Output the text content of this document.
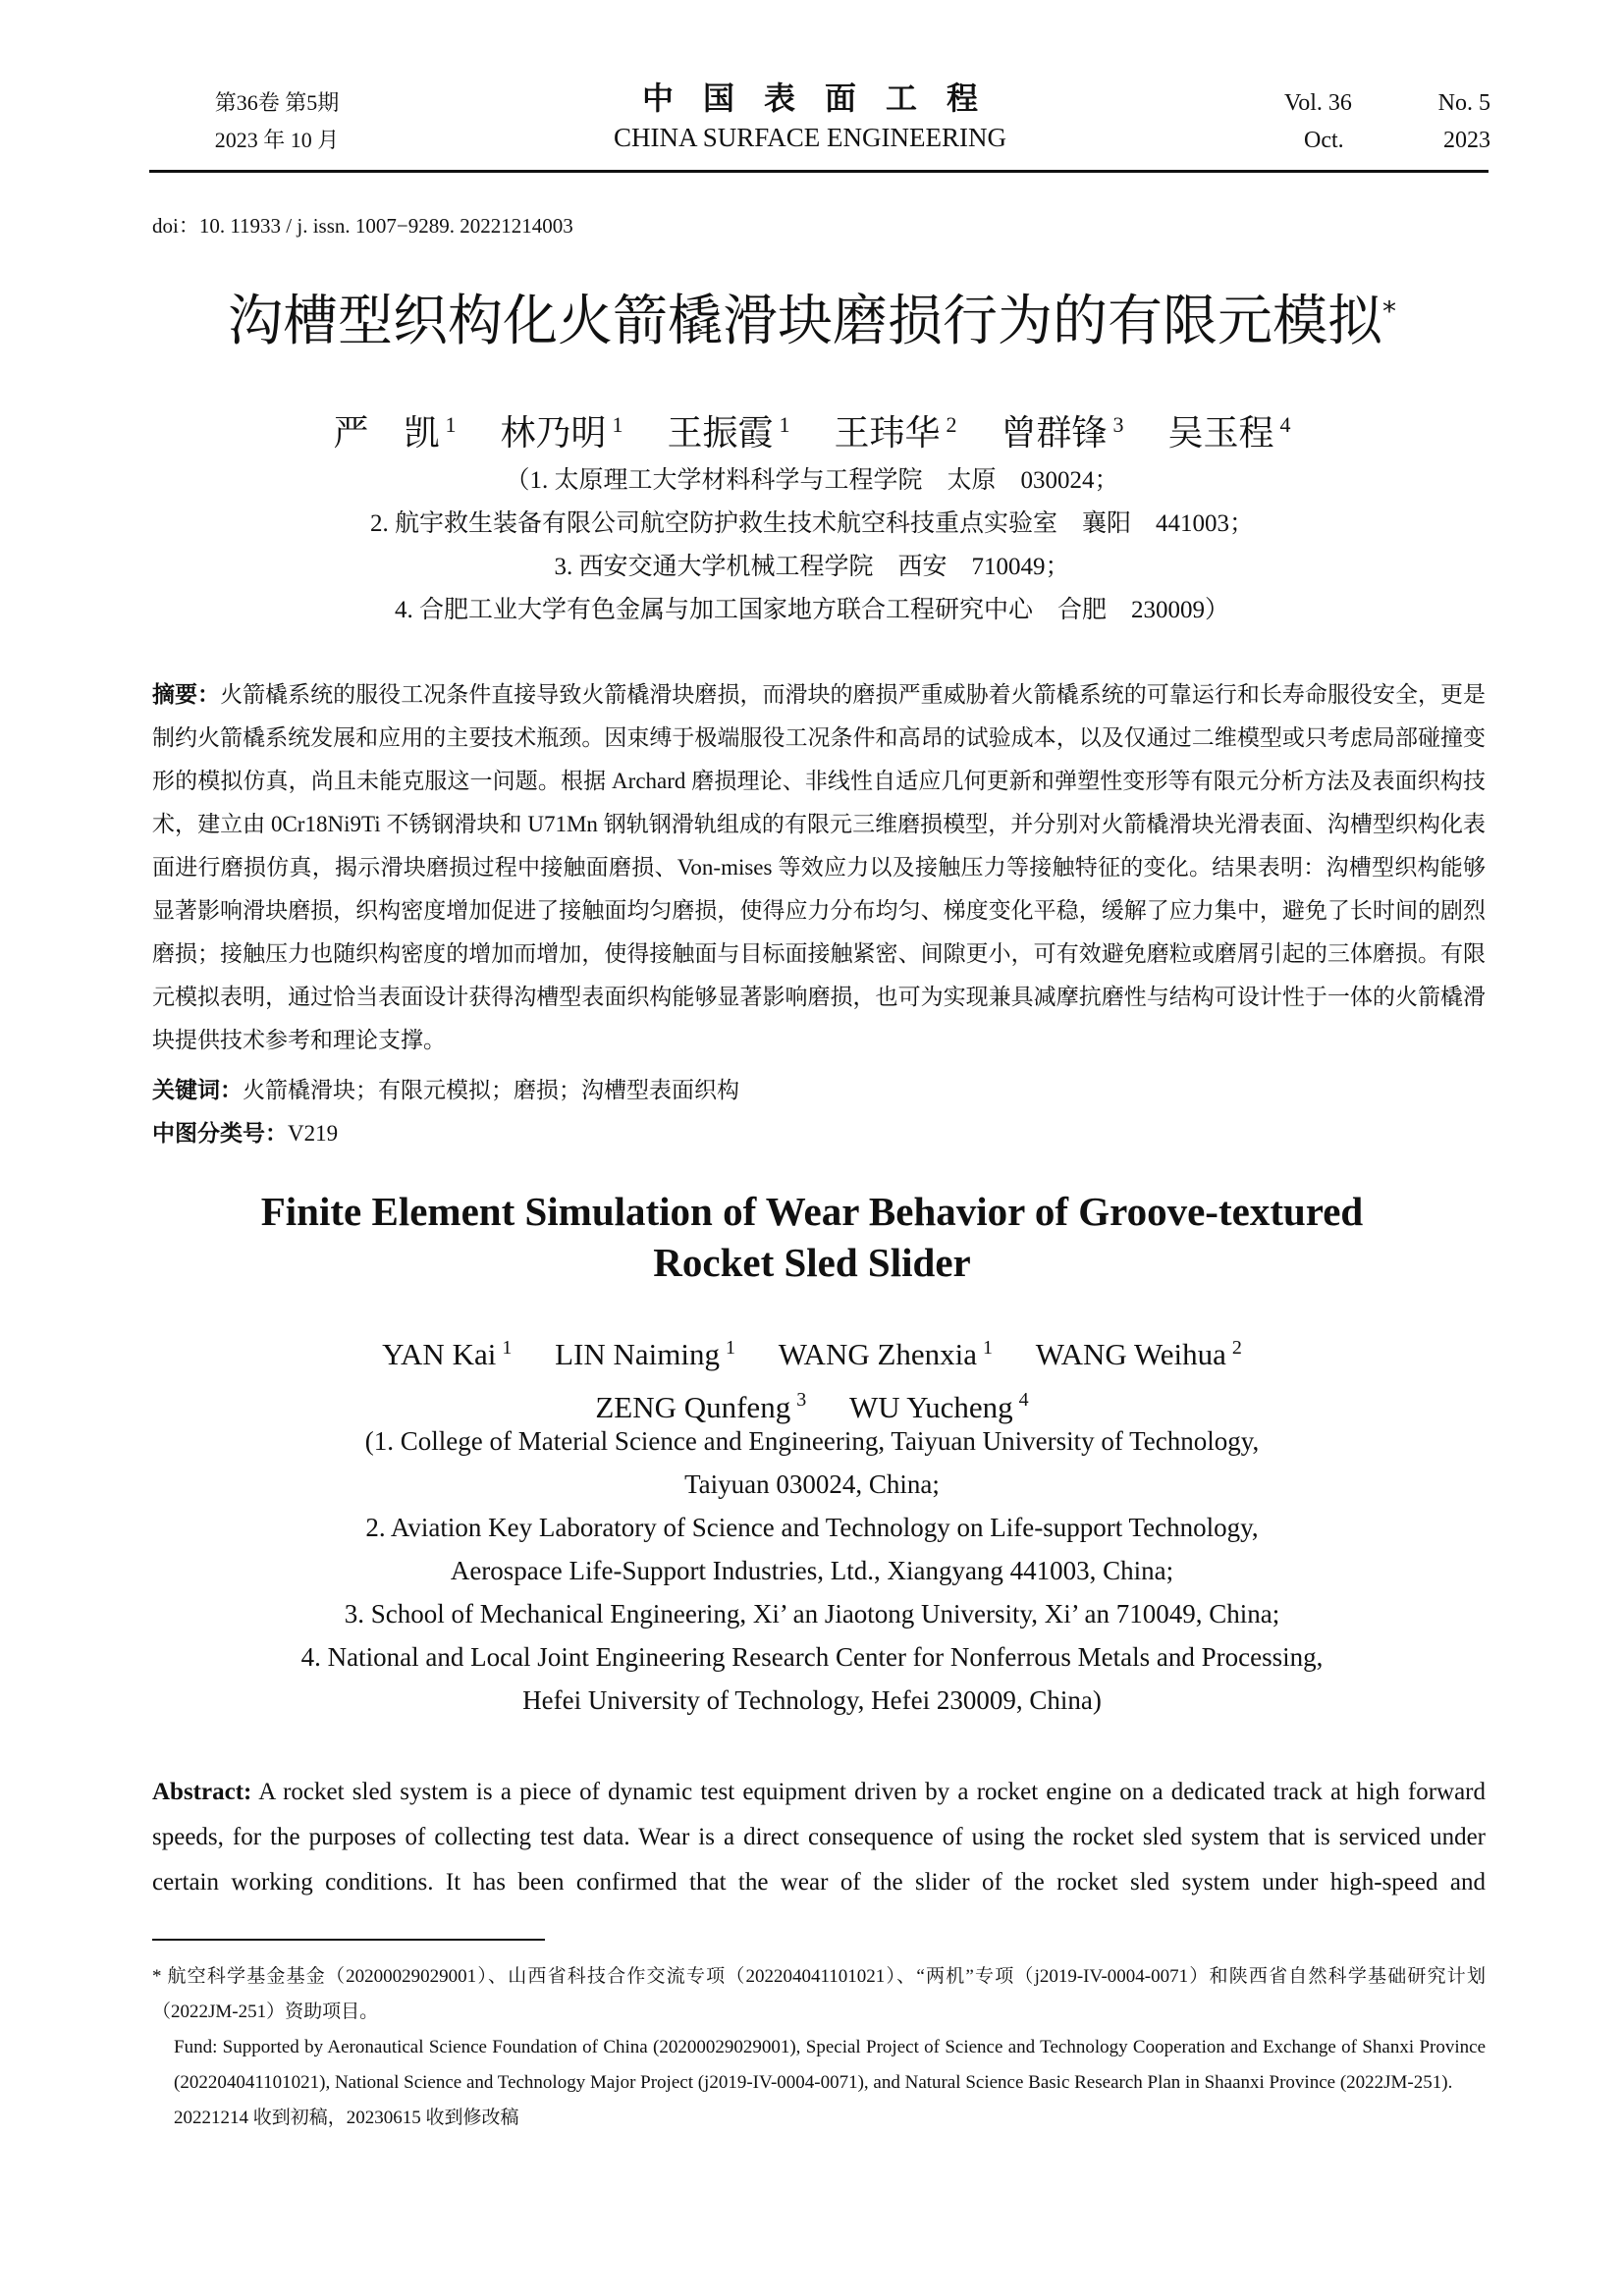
第36卷 第5期
2023 年 10 月
中国表面工程
CHINA SURFACE ENGINEERING
Vol. 36	No. 5
Oct.	2023
doi：10. 11933 / j. issn. 1007−9289. 20221214003
沟槽型织构化火箭橇滑块磨损行为的有限元模拟*
严　凯 $^1$ 林乃明 $^1$ 王振霞 $^1$ 王玮华 $^2$ 曾群锋 $^3$ 吴玉程 $^4$
（1. 太原理工大学材料科学与工程学院　太原　030024；
2. 航宇救生装备有限公司航空防护救生技术航空科技重点实验室　襄阳　441003；
3. 西安交通大学机械工程学院　西安　710049；
4. 合肥工业大学有色金属与加工国家地方联合工程研究中心　合肥　230009）
摘要：火箭橇系统的服役工况条件直接导致火箭橇滑块磨损，而滑块的磨损严重威胁着火箭橇系统的可靠运行和长寿命服役安全，更是制约火箭橇系统发展和应用的主要技术瓶颈。因束缚于极端服役工况条件和高昂的试验成本，以及仅通过二维模型或只考虑局部碰撞变形的模拟仿真，尚且未能克服这一问题。根据 Archard 磨损理论、非线性自适应几何更新和弹塑性变形等有限元分析方法及表面织构技术，建立由 0Cr18Ni9Ti 不锈钢滑块和 U71Mn 钢轨钢滑轨组成的有限元三维磨损模型，并分别对火箭橇滑块光滑表面、沟槽型织构化表面进行磨损仿真，揭示滑块磨损过程中接触面磨损、Von-mises 等效应力以及接触压力等接触特征的变化。结果表明：沟槽型织构能够显著影响滑块磨损，织构密度增加促进了接触面均匀磨损，使得应力分布均匀、梯度变化平稳，缓解了应力集中，避免了长时间的剧烈磨损；接触压力也随织构密度的增加而增加，使得接触面与目标面接触紧密、间隙更小，可有效避免磨粒或磨屑引起的三体磨损。有限元模拟表明，通过恰当表面设计获得沟槽型表面织构能够显著影响磨损，也可为实现兼具减摩抗磨性与结构可设计性于一体的火箭橇滑块提供技术参考和理论支撑。
关键词：火箭橇滑块；有限元模拟；磨损；沟槽型表面织构
中图分类号：V219
Finite Element Simulation of Wear Behavior of Groove-textured
Rocket Sled Slider
YAN Kai $^1$ LIN Naiming $^1$ WANG Zhenxia $^1$ WANG Weihua $^2$
ZENG Qunfeng $^3$ WU Yucheng $^4$
(1. College of Material Science and Engineering, Taiyuan University of Technology,
Taiyuan 030024, China;
2. Aviation Key Laboratory of Science and Technology on Life-support Technology,
Aerospace Life-Support Industries, Ltd., Xiangyang 441003, China;
3. School of Mechanical Engineering, Xi’ an Jiaotong University, Xi’ an 710049, China;
4. National and Local Joint Engineering Research Center for Nonferrous Metals and Processing,
Hefei University of Technology, Hefei 230009, China)
Abstract: A rocket sled system is a piece of dynamic test equipment driven by a rocket engine on a dedicated track at high forward
speeds, for the purposes of collecting test data. Wear is a direct consequence of using the rocket sled system that is serviced under
certain working conditions. It has been confirmed that the wear of the slider of the rocket sled system under high-speed and
* 航空科学基金基金（20200029029001）、山西省科技合作交流专项（202204041101021）、“两机”专项（j2019-IV-0004-0071）和陕西省自然科学基础研究计划（2022JM-251）资助项目。
Fund: Supported by Aeronautical Science Foundation of China (20200029029001), Special Project of Science and Technology Cooperation and Exchange of Shanxi Province (202204041101021), National Science and Technology Major Project (j2019-IV-0004-0071), and Natural Science Basic Research Plan in Shaanxi Province (2022JM-251).
20221214 收到初稿，20230615 收到修改稿
